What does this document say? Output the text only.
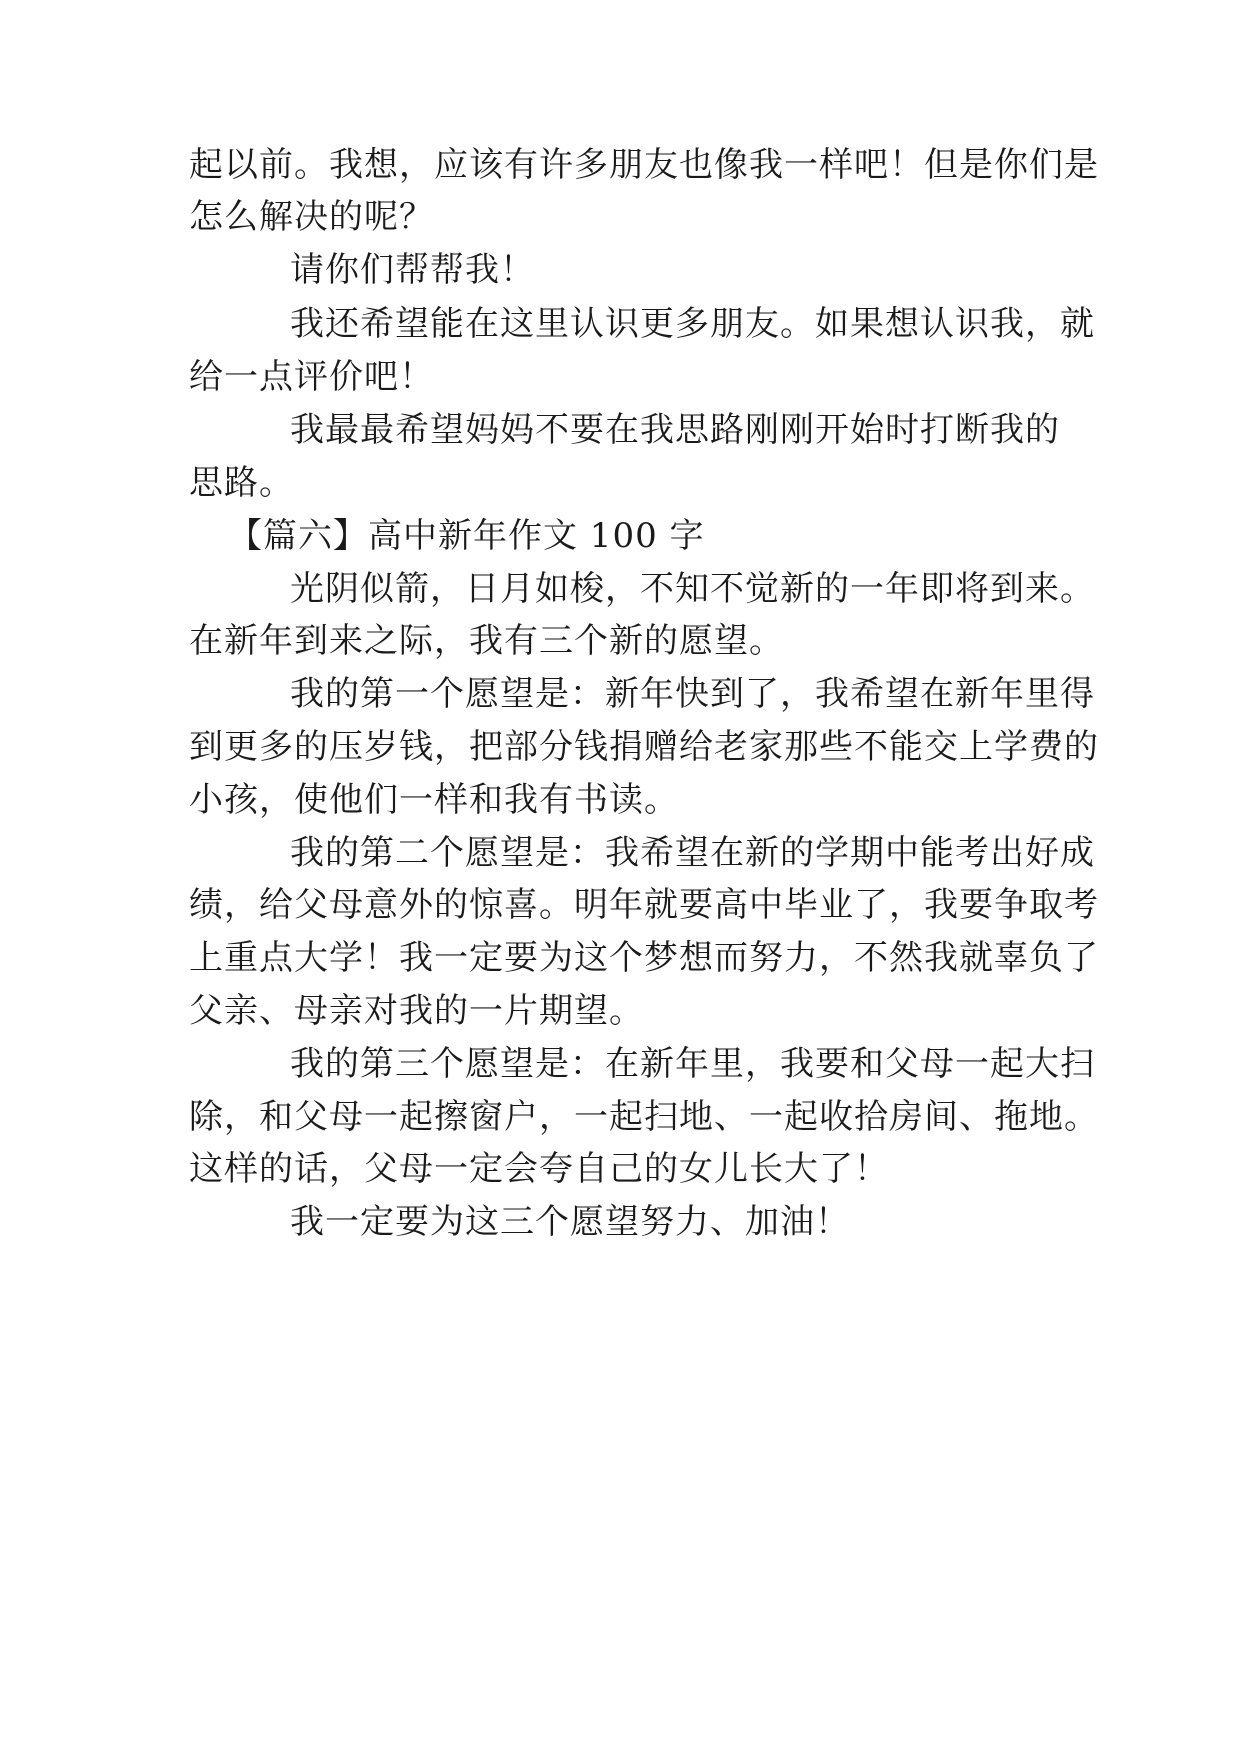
起以前。我想，应该有许多朋友也像我一样吧！但是你们是
怎么解决的呢？
请你们帮帮我！
我还希望能在这里认识更多朋友。如果想认识我，就
给一点评价吧！
我最最希望妈妈不要在我思路刚刚开始时打断我的
思路。
【篇六】高中新年作文 100 字
光阴似箭，日月如梭，不知不觉新的一年即将到来。
在新年到来之际，我有三个新的愿望。
我的第一个愿望是：新年快到了，我希望在新年里得
到更多的压岁钱，把部分钱捐赠给老家那些不能交上学费的
小孩，使他们一样和我有书读。
我的第二个愿望是：我希望在新的学期中能考出好成
绩，给父母意外的惊喜。明年就要高中毕业了，我要争取考
上重点大学！我一定要为这个梦想而努力，不然我就辜负了
父亲、母亲对我的一片期望。
我的第三个愿望是：在新年里，我要和父母一起大扫
除，和父母一起擦窗户，一起扫地、一起收拾房间、拖地。
这样的话，父母一定会夸自己的女儿长大了！
我一定要为这三个愿望努力、加油！
